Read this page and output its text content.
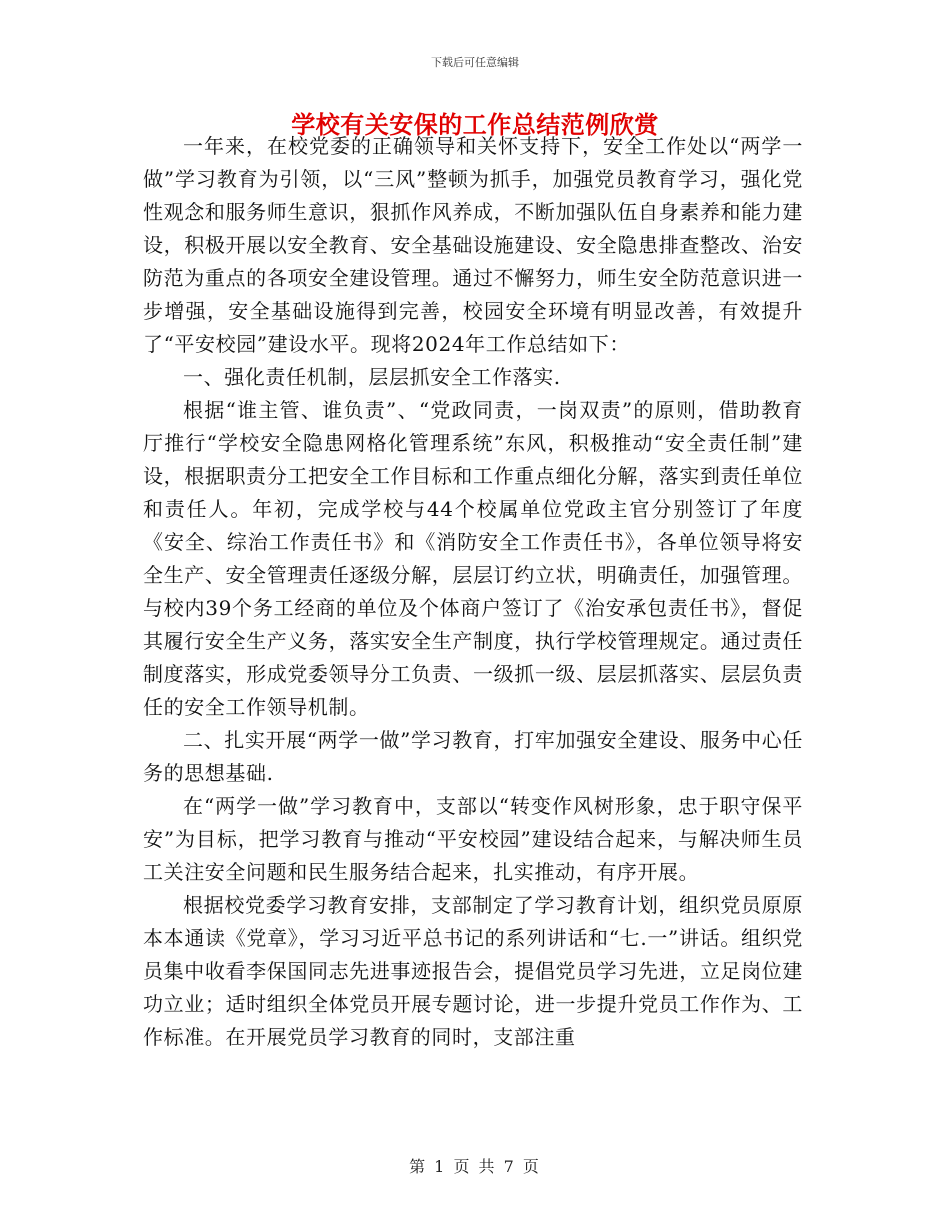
下载后可任意编辑

学校有关安保的工作总结范例欣赏

一年来，在校党委的正确领导和关怀支持下，安全工作处以“两学一做”学习教育为引领，以“三风”整顿为抓手，加强党员教育学习，强化党性观念和服务师生意识，狠抓作风养成，不断加强队伍自身素养和能力建设，积极开展以安全教育、安全基础设施建设、安全隐患排查整改、治安防范为重点的各项安全建设管理。通过不懈努力，师生安全防范意识进一步增强，安全基础设施得到完善，校园安全环境有明显改善，有效提升了“平安校园”建设水平。现将2024年工作总结如下：

一、强化责任机制，层层抓安全工作落实.

根据“谁主管、谁负责”、“党政同责，一岗双责”的原则，借助教育厅推行“学校安全隐患网格化管理系统”东风，积极推动“安全责任制”建设，根据职责分工把安全工作目标和工作重点细化分解，落实到责任单位和责任人。年初，完成学校与44个校属单位党政主官分别签订了年度《安全、综治工作责任书》和《消防安全工作责任书》，各单位领导将安全生产、安全管理责任逐级分解，层层订约立状，明确责任，加强管理。与校内39个务工经商的单位及个体商户签订了《治安承包责任书》，督促其履行安全生产义务，落实安全生产制度，执行学校管理规定。通过责任制度落实，形成党委领导分工负责、一级抓一级、层层抓落实、层层负责任的安全工作领导机制。

二、扎实开展“两学一做”学习教育，打牢加强安全建设、服务中心任务的思想基础.

在“两学一做”学习教育中，支部以“转变作风树形象，忠于职守保平安”为目标，把学习教育与推动“平安校园”建设结合起来，与解决师生员工关注安全问题和民生服务结合起来，扎实推动，有序开展。

根据校党委学习教育安排，支部制定了学习教育计划，组织党员原原本本通读《党章》，学习习近平总书记的系列讲话和“七.一”讲话。组织党员集中收看李保国同志先进事迹报告会，提倡党员学习先进，立足岗位建功立业；适时组织全体党员开展专题讨论，进一步提升党员工作作为、工作标准。在开展党员学习教育的同时，支部注重

第 1 页 共 7 页
